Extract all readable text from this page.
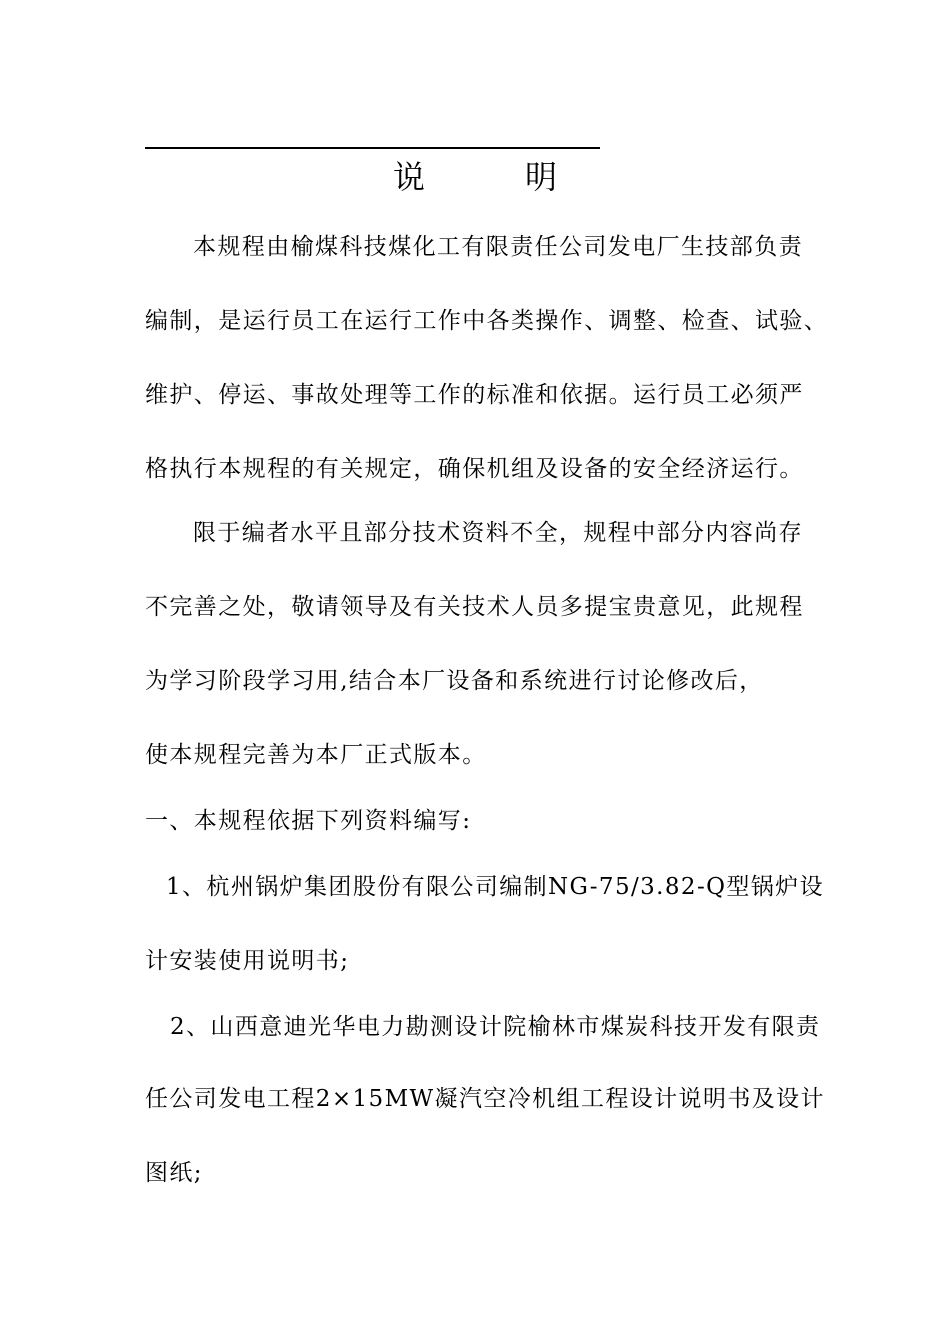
说　明
本规程由榆煤科技煤化工有限责任公司发电厂生技部负责
编制，是运行员工在运行工作中各类操作、调整、检查、试验、
维护、停运、事故处理等工作的标准和依据。运行员工必须严
格执行本规程的有关规定，确保机组及设备的安全经济运行。
限于编者水平且部分技术资料不全，规程中部分内容尚存
不完善之处，敬请领导及有关技术人员多提宝贵意见，此规程
为学习阶段学习用,结合本厂设备和系统进行讨论修改后，
使本规程完善为本厂正式版本。
一、本规程依据下列资料编写:
1、杭州锅炉集团股份有限公司编制NG-75/3.82-Q型锅炉设
计安装使用说明书;
2、山西意迪光华电力勘测设计院榆林市煤炭科技开发有限责
任公司发电工程2×15MW凝汽空冷机组工程设计说明书及设计
图纸;
